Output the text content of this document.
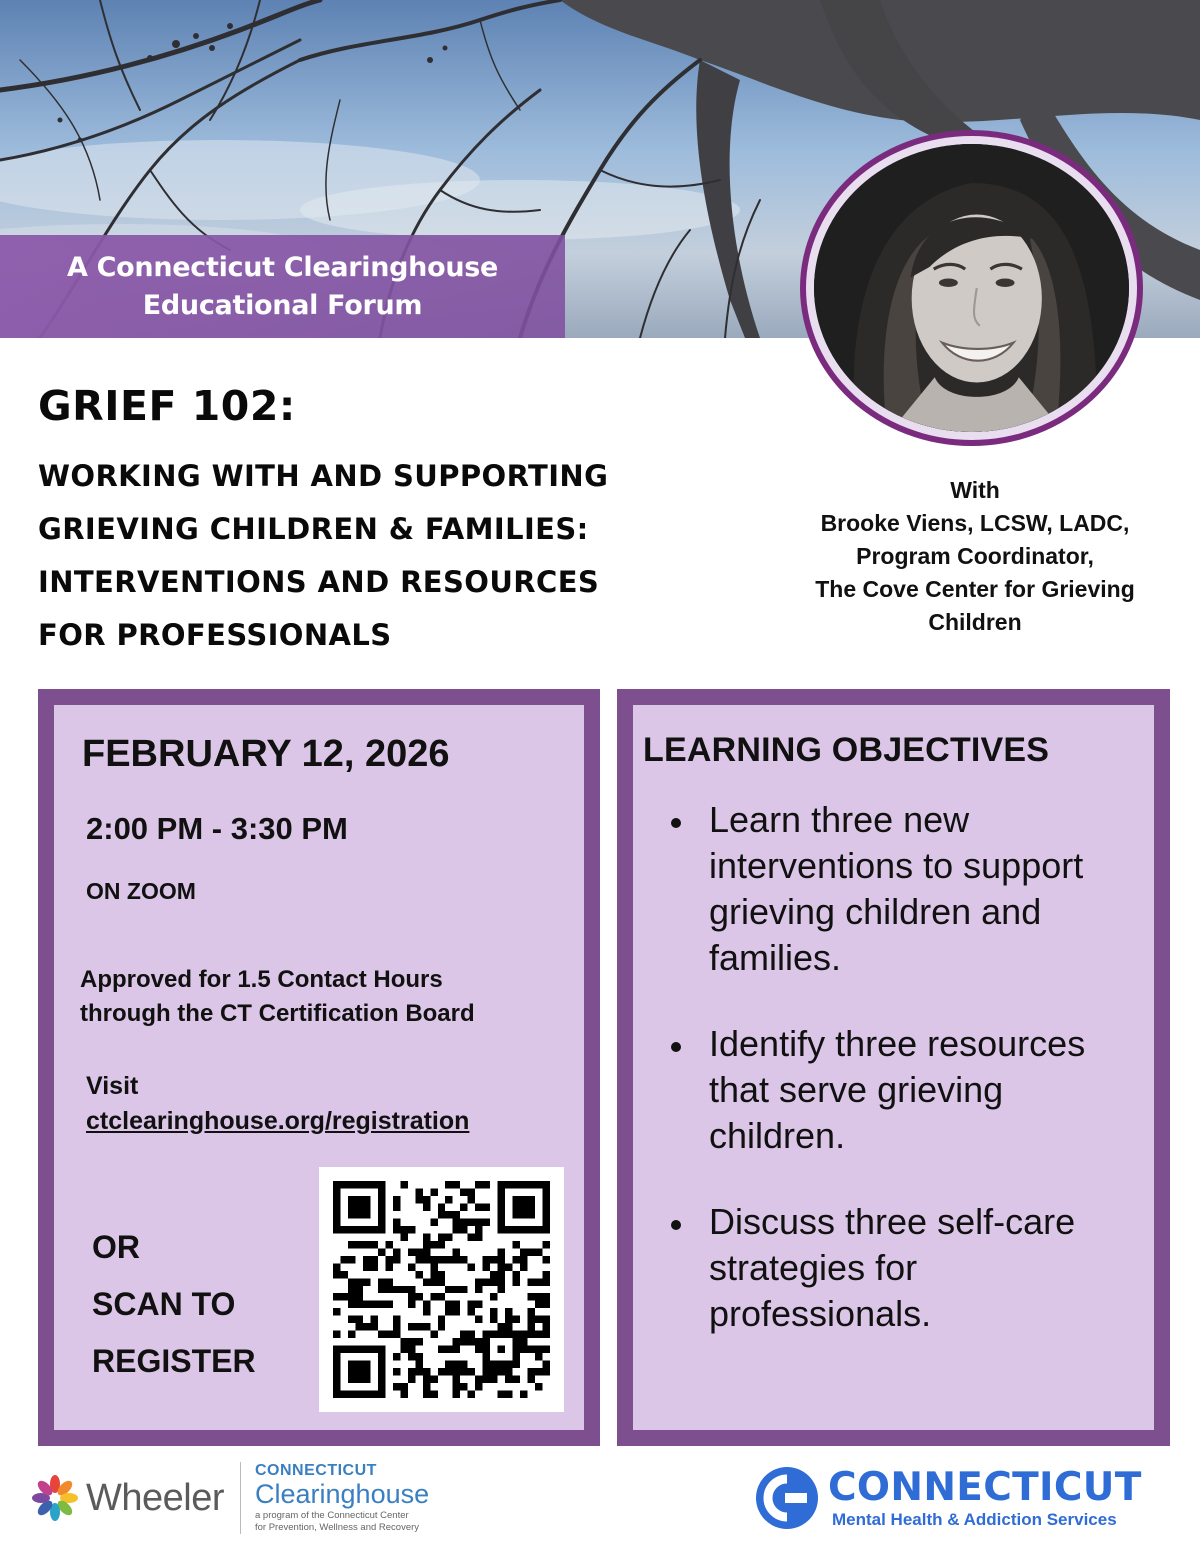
A Connecticut Clearinghouse
Educational Forum
GRIEF 102:
WORKING WITH AND SUPPORTING
GRIEVING CHILDREN & FAMILIES:
INTERVENTIONS AND RESOURCES
FOR PROFESSIONALS
With
Brooke Viens, LCSW, LADC,
Program Coordinator,
The Cove Center for Grieving
Children
FEBRUARY 12, 2026
2:00 PM - 3:30 PM
ON ZOOM
Approved for 1.5 Contact Hours
through the CT Certification Board
Visit
ctclearinghouse.org/registration
OR
SCAN TO
REGISTER
LEARNING OBJECTIVES
Learn three new interventions to support grieving children and families.
Identify three resources that serve grieving children.
Discuss three self-care strategies for professionals.
Wheeler
CONNECTICUT
Clearinghouse
a program of the Connecticut Center
for Prevention, Wellness and Recovery
CONNECTICUT
Mental Health & Addiction Services
